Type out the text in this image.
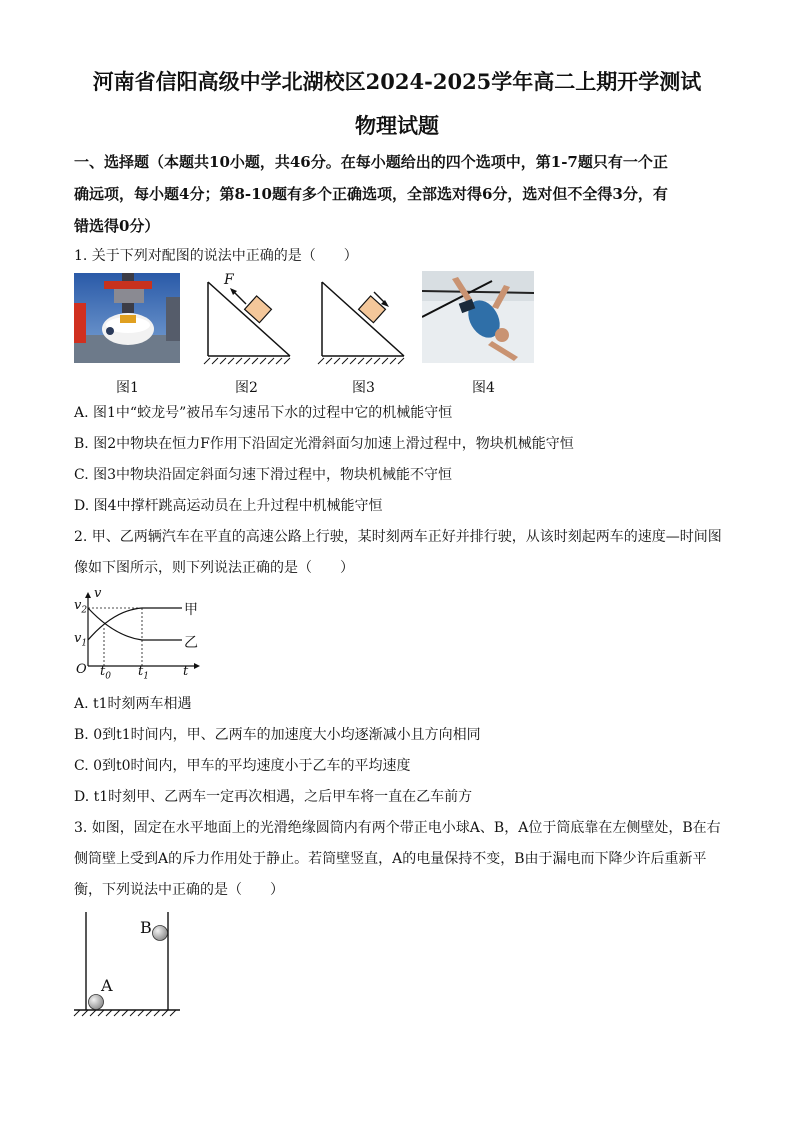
河南省信阳高级中学北湖校区2024-2025学年高二上期开学测试
物理试题
一、选择题（本题共10小题，共46分。在每小题给出的四个选项中，第1-7题只有一个正
确远项，每小题4分；第8-10题有多个正确选项，全部选对得6分，选对但不全得3分，有
错选得0分）
1. 关于下列对配图的说法中正确的是（　　）
F
图1	图2	图3	图4
A. 图1中“蛟龙号”被吊车匀速吊下水的过程中它的机械能守恒
B. 图2中物块在恒力F作用下沿固定光滑斜面匀加速上滑过程中，物块机械能守恒
C. 图3中物块沿固定斜面匀速下滑过程中，物块机械能不守恒
D. 图4中撑杆跳高运动员在上升过程中机械能守恒
2. 甲、乙两辆汽车在平直的高速公路上行驶，某时刻两车正好并排行驶，从该时刻起两车的速度—时间图
像如下图所示，则下列说法正确的是（　　）
v
$v_2$
$v_1$
O $t_0$ $t_1$	t
甲
乙
A. t1时刻两车相遇
B. 0到t1时间内，甲、乙两车的加速度大小均逐渐减小且方向相同
C. 0到t0时间内，甲车的平均速度小于乙车的平均速度
D. t1时刻甲、乙两车一定再次相遇，之后甲车将一直在乙车前方
3. 如图，固定在水平地面上的光滑绝缘圆筒内有两个带正电小球A、B，A位于筒底靠在左侧壁处，B在右
侧筒壁上受到A的斥力作用处于静止。若筒壁竖直，A的电量保持不变，B由于漏电而下降少许后重新平
衡，下列说法中正确的是（　　）
A
B
